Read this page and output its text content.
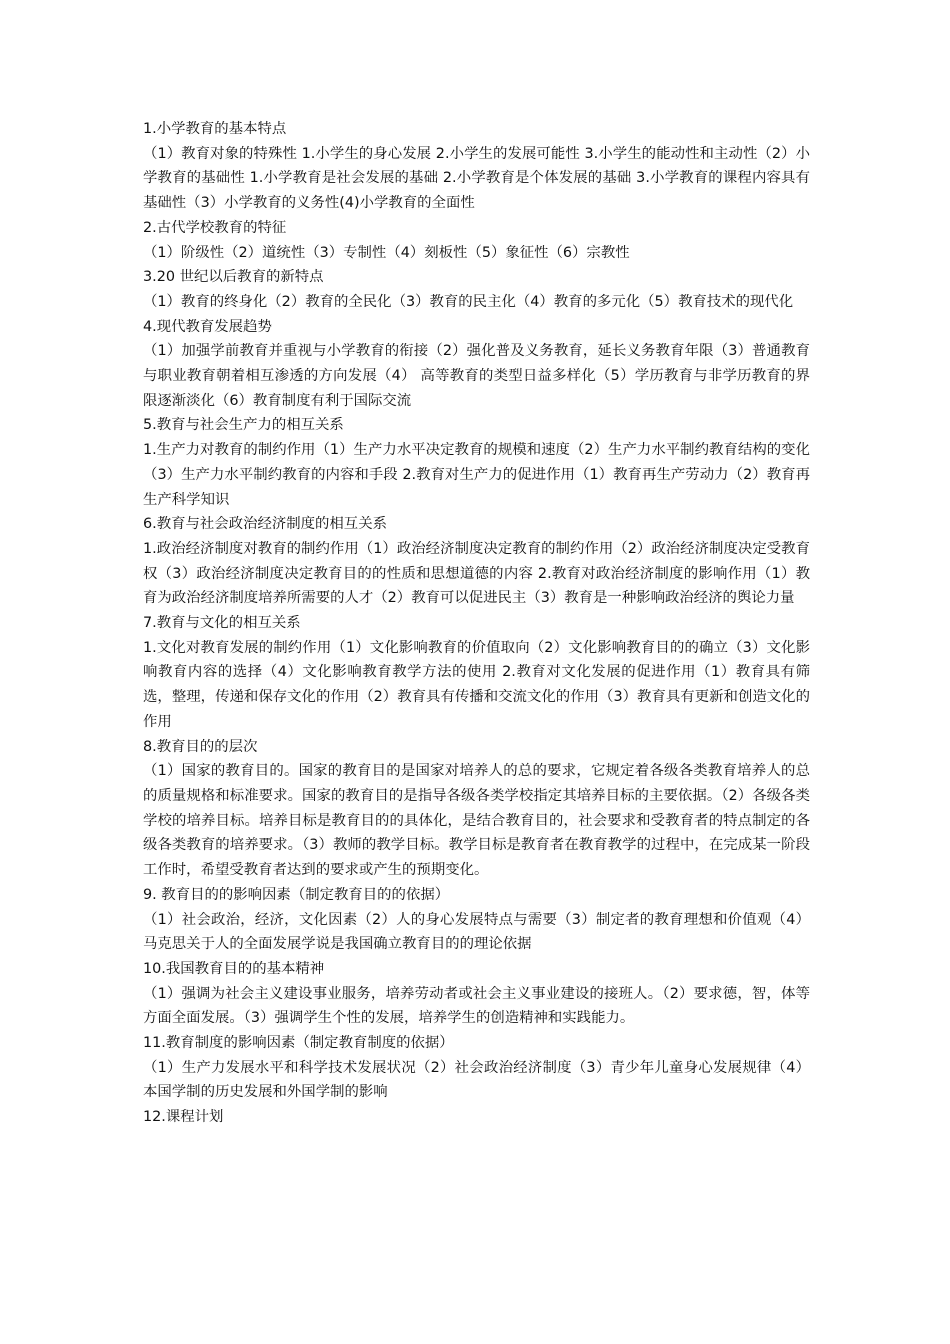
1.小学教育的基本特点
（1）教育对象的特殊性 1.小学生的身心发展 2.小学生的发展可能性 3.小学生的能动性和主动性（2）小学教育的基础性 1.小学教育是社会发展的基础 2.小学教育是个体发展的基础 3.小学教育的课程内容具有基础性（3）小学教育的义务性(4)小学教育的全面性
2.古代学校教育的特征
（1）阶级性（2）道统性（3）专制性（4）刻板性（5）象征性（6）宗教性
3.20 世纪以后教育的新特点
（1）教育的终身化（2）教育的全民化（3）教育的民主化（4）教育的多元化（5）教育技术的现代化
4.现代教育发展趋势
（1）加强学前教育并重视与小学教育的衔接（2）强化普及义务教育，延长义务教育年限（3）普通教育与职业教育朝着相互渗透的方向发展（4） 高等教育的类型日益多样化（5）学历教育与非学历教育的界限逐渐淡化（6）教育制度有利于国际交流
5.教育与社会生产力的相互关系
1.生产力对教育的制约作用（1）生产力水平决定教育的规模和速度（2）生产力水平制约教育结构的变化（3）生产力水平制约教育的内容和手段 2.教育对生产力的促进作用（1）教育再生产劳动力（2）教育再生产科学知识
6.教育与社会政治经济制度的相互关系
1.政治经济制度对教育的制约作用（1）政治经济制度决定教育的制约作用（2）政治经济制度决定受教育权（3）政治经济制度决定教育目的的性质和思想道德的内容 2.教育对政治经济制度的影响作用（1）教育为政治经济制度培养所需要的人才（2）教育可以促进民主（3）教育是一种影响政治经济的舆论力量
7.教育与文化的相互关系
1.文化对教育发展的制约作用（1）文化影响教育的价值取向（2）文化影响教育目的的确立（3）文化影响教育内容的选择（4）文化影响教育教学方法的使用 2.教育对文化发展的促进作用（1）教育具有筛选，整理，传递和保存文化的作用（2）教育具有传播和交流文化的作用（3）教育具有更新和创造文化的作用
8.教育目的的层次
（1）国家的教育目的。国家的教育目的是国家对培养人的总的要求，它规定着各级各类教育培养人的总的质量规格和标准要求。国家的教育目的是指导各级各类学校指定其培养目标的主要依据。（2）各级各类学校的培养目标。培养目标是教育目的的具体化，是结合教育目的，社会要求和受教育者的特点制定的各级各类教育的培养要求。（3）教师的教学目标。教学目标是教育者在教育教学的过程中，在完成某一阶段工作时，希望受教育者达到的要求或产生的预期变化。
9. 教育目的的影响因素（制定教育目的的依据）
（1）社会政治，经济，文化因素（2）人的身心发展特点与需要（3）制定者的教育理想和价值观（4）马克思关于人的全面发展学说是我国确立教育目的的理论依据
10.我国教育目的的基本精神
（1）强调为社会主义建设事业服务，培养劳动者或社会主义事业建设的接班人。（2）要求德，智，体等方面全面发展。（3）强调学生个性的发展，培养学生的创造精神和实践能力。
11.教育制度的影响因素（制定教育制度的依据）
（1）生产力发展水平和科学技术发展状况（2）社会政治经济制度（3）青少年儿童身心发展规律（4）本国学制的历史发展和外国学制的影响
12.课程计划
